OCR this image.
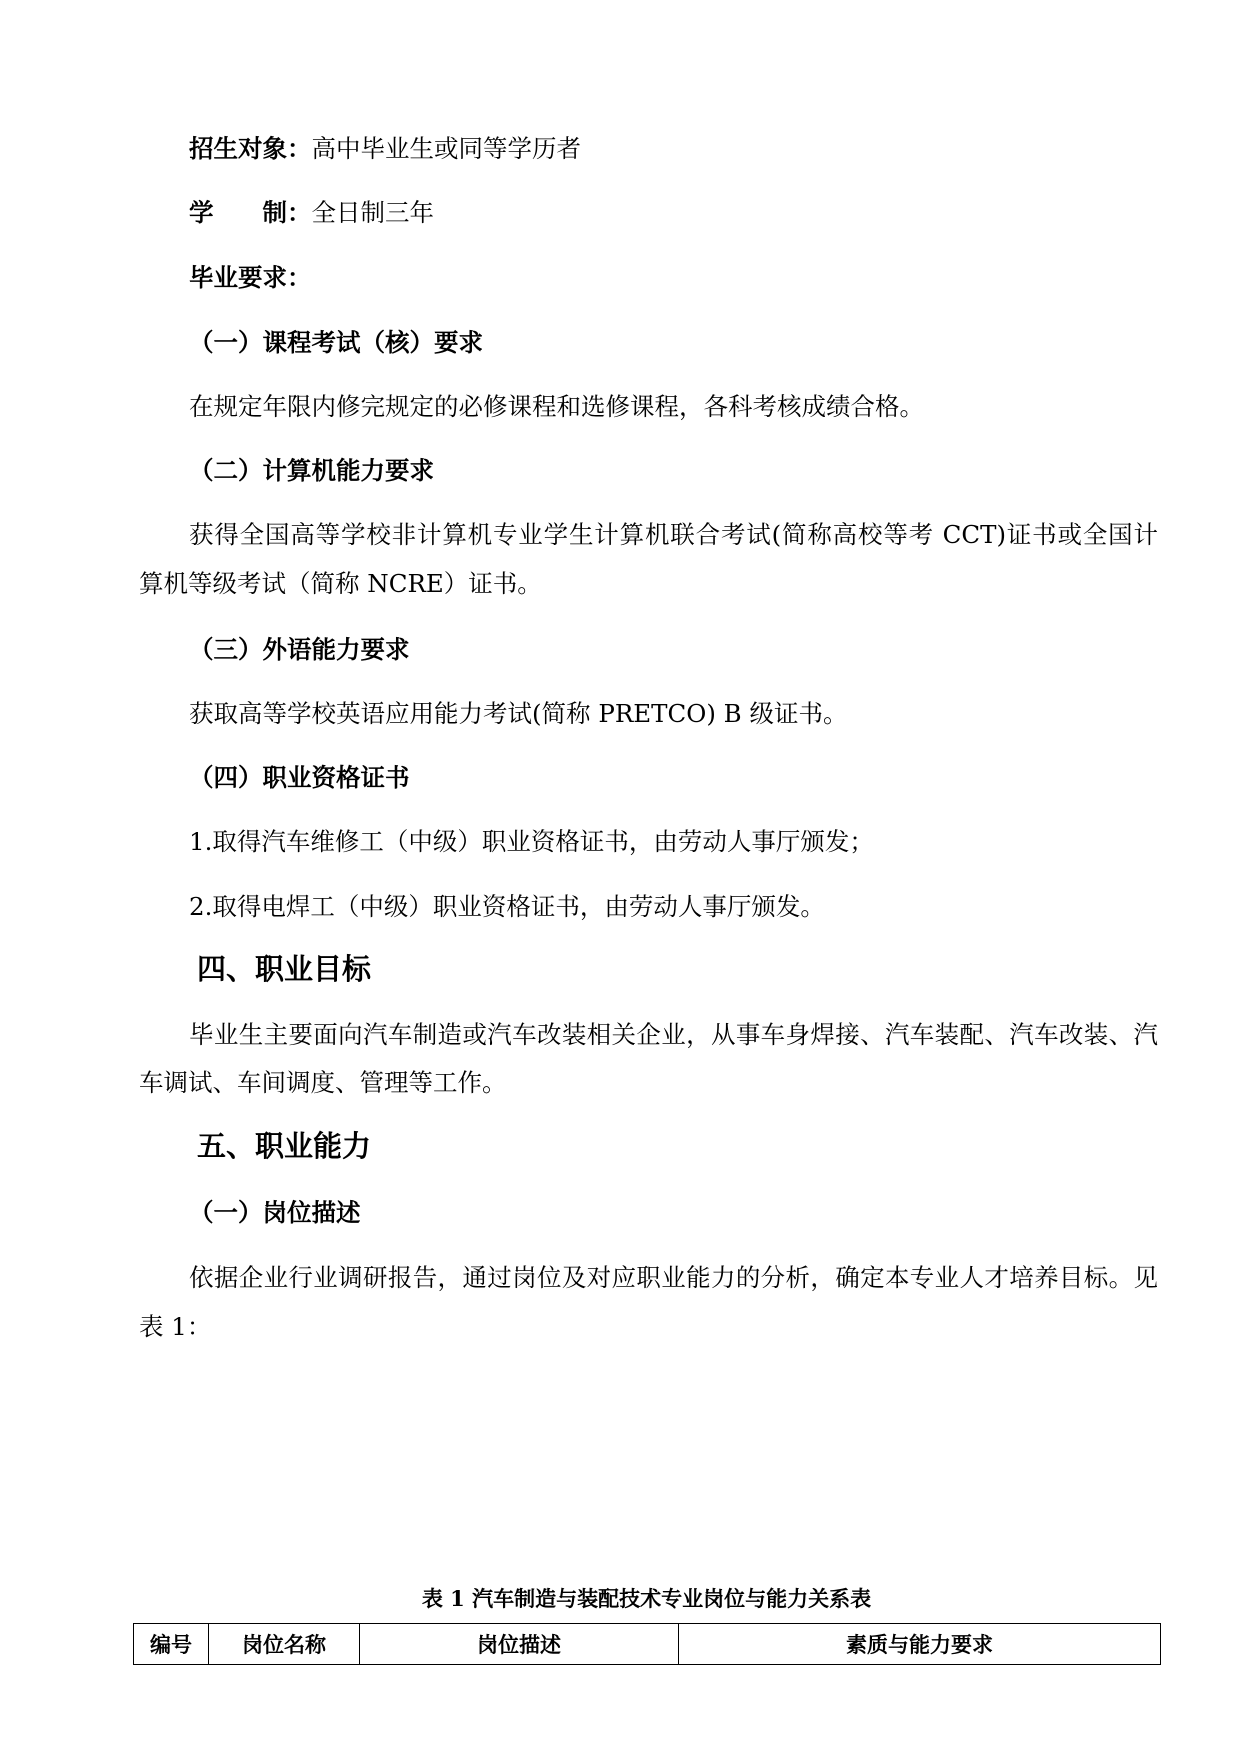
招生对象：高中毕业生或同等学历者
学　　制：全日制三年
毕业要求：
（一）课程考试（核）要求
在规定年限内修完规定的必修课程和选修课程，各科考核成绩合格。
（二）计算机能力要求
获得全国高等学校非计算机专业学生计算机联合考试(简称高校等考 CCT)证书或全国计
算机等级考试（简称 NCRE）证书。
（三）外语能力要求
获取高等学校英语应用能力考试(简称 PRETCO) B 级证书。
（四）职业资格证书
1.取得汽车维修工（中级）职业资格证书，由劳动人事厅颁发；
2.取得电焊工（中级）职业资格证书，由劳动人事厅颁发。
四、职业目标
毕业生主要面向汽车制造或汽车改装相关企业，从事车身焊接、汽车装配、汽车改装、汽
车调试、车间调度、管理等工作。
五、职业能力
（一）岗位描述
依据企业行业调研报告，通过岗位及对应职业能力的分析，确定本专业人才培养目标。见
表 1：
表 1 汽车制造与装配技术专业岗位与能力关系表
编号	岗位名称	岗位描述	素质与能力要求
